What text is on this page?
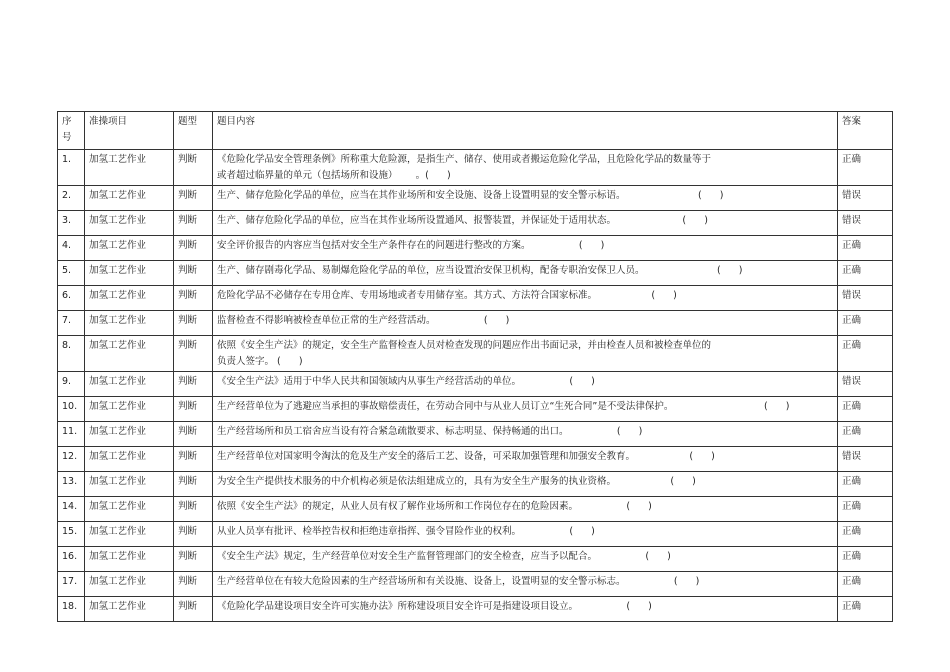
序号	准操项目	题型	题目内容	答案
1.	加氢工艺作业	判断	《危险化学品安全管理条例》所称重大危险源，是指生产、储存、使用或者搬运危险化学品，且危险化学品的数量等于
或者超过临界量的单元（包括场所和设施）      。(      )	正确
2.	加氢工艺作业	判断	生产、储存危险化学品的单位，应当在其作业场所和安全设施、设备上设置明显的安全警示标语。                        (      )	错误
3.	加氢工艺作业	判断	生产、储存危险化学品的单位，应当在其作业场所设置通风、报警装置，并保证处于适用状态。                      (      )	错误
4.	加氢工艺作业	判断	安全评价报告的内容应当包括对安全生产条件存在的问题进行整改的方案。                (      )	正确
5.	加氢工艺作业	判断	生产、储存剧毒化学品、易制爆危险化学品的单位，应当设置治安保卫机构，配备专职治安保卫人员。                        (      )	正确
6.	加氢工艺作业	判断	危险化学品不必储存在专用仓库、专用场地或者专用储存室。其方式、方法符合国家标准。                  (      )	错误
7.	加氢工艺作业	判断	监督检查不得影响被检查单位正常的生产经营活动。                (      )	正确
8.	加氢工艺作业	判断	依照《安全生产法》的规定，安全生产监督检查人员对检查发现的问题应作出书面记录，并由检查人员和被检查单位的
负责人签字。 (      )	正确
9.	加氢工艺作业	判断	《安全生产法》适用于中华人民共和国领域内从事生产经营活动的单位。                (      )	错误
10.	加氢工艺作业	判断	生产经营单位为了逃避应当承担的事故赔偿责任，在劳动合同中与从业人员订立“生死合同”是不受法律保护。                              (      )	正确
11.	加氢工艺作业	判断	生产经营场所和员工宿舍应当设有符合紧急疏散要求、标志明显、保持畅通的出口。                (      )	正确
12.	加氢工艺作业	判断	生产经营单位对国家明令淘汰的危及生产安全的落后工艺、设备，可采取加强管理和加强安全教育。                  (      )	错误
13.	加氢工艺作业	判断	为安全生产提供技术服务的中介机构必须是依法组建成立的，具有为安全生产服务的执业资格。                  (      )	正确
14.	加氢工艺作业	判断	依照《安全生产法》的规定，从业人员有权了解作业场所和工作岗位存在的危险因素。                (      )	正确
15.	加氢工艺作业	判断	从业人员享有批评、检举控告权和拒绝违章指挥、强令冒险作业的权利。                (      )	正确
16.	加氢工艺作业	判断	《安全生产法》规定，生产经营单位对安全生产监督管理部门的安全检查，应当予以配合。                (      )	正确
17.	加氢工艺作业	判断	生产经营单位在有较大危险因素的生产经营场所和有关设施、设备上，设置明显的安全警示标志。                (      )	正确
18.	加氢工艺作业	判断	《危险化学品建设项目安全许可实施办法》所称建设项目安全许可是指建设项目设立。                (      )	正确
